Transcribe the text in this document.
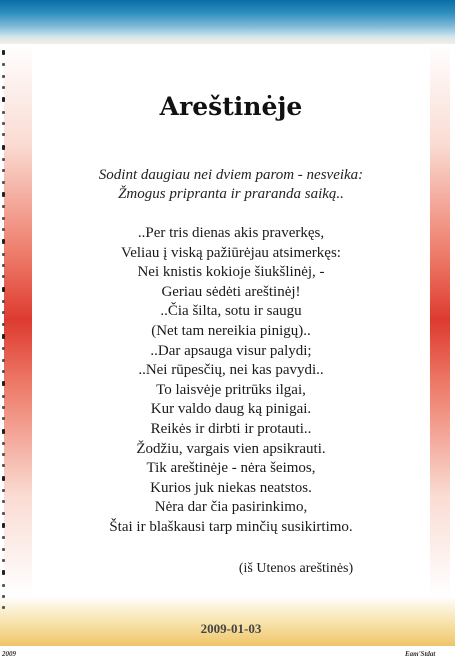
Areštinėje
Sodint daugiau nei dviem parom - nesveika:
Žmogus pripranta ir praranda saiką..
..Per tris dienas akis praverkęs,
Veliau į viską pažiūrėjau atsimerkęs:
Nei knistis kokioje šiukšlinėj, -
Geriau sėdėti areštinėj!
..Čia šilta, sotu ir saugu
(Net tam nereikia pinigų)..
..Dar apsauga visur palydi;
..Nei rūpesčių, nei kas pavydi..
To laisvėje pritrūks ilgai,
Kur valdo daug ką pinigai.
Reikės ir dirbti ir protauti..
Žodžiu, vargais vien apsikrauti.
Tik areštinėje - nėra šeimos,
Kurios juk niekas neatstos.
Nėra dar čia pasirinkimo,
Štai ir blaškausi tarp minčių susikirtimo.
(iš Utenos areštinės)
2009-01-03
2009	Eam'Stdat
